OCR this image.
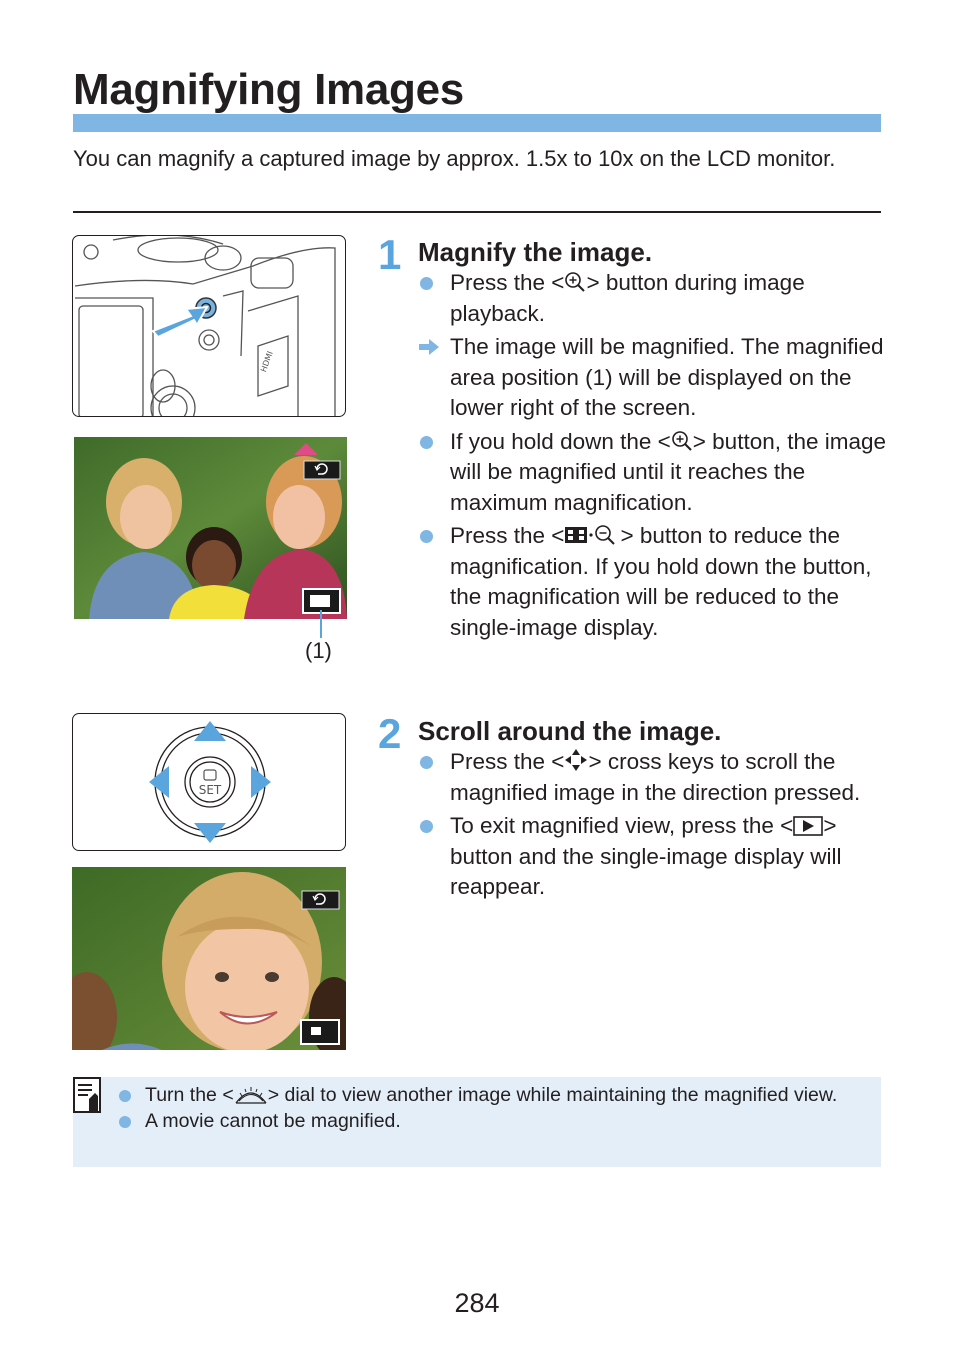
Magnifying Images

You can magnify a captured image by approx. 1.5x to 10x on the LCD monitor.

HDMI
(1)
SET
1 Magnify the image.
Press the < > button during image playback.
The image will be magnified. The magnified area position (1) will be displayed on the lower right of the screen.
If you hold down the < > button, the image will be magnified until it reaches the maximum magnification.
Press the < > button to reduce the magnification. If you hold down the button, the magnification will be reduced to the single-image display.
2 Scroll around the image.
Press the < > cross keys to scroll the magnified image in the direction pressed.
To exit magnified view, press the < > button and the single-image display will reappear.
Turn the < > dial to view another image while maintaining the magnified view.
A movie cannot be magnified.
284
